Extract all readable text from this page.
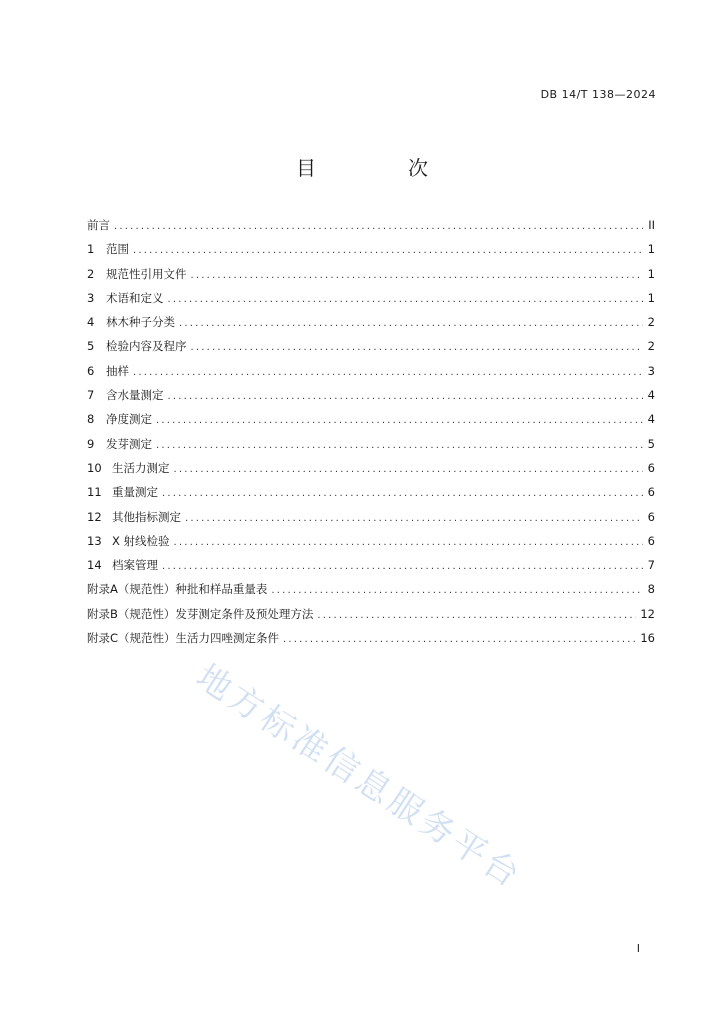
DB 14/T 138—2024
目　次
前言 .....	II
1	范围 .....	1
2	规范性引用文件 .....	1
3	术语和定义 .....	1
4	林木种子分类 .....	2
5	检验内容及程序 .....	2
6	抽样 .....	3
7	含水量测定 .....	4
8	净度测定 .....	4
9	发芽测定 .....	5
10 生活力测定 .....	6
11 重量测定 .....	6
12 其他指标测定 .....	6
13 X 射线检验 .....	6
14 档案管理 .....	7
附录A（规范性）种批和样品重量表 .....	8
附录B（规范性）发芽测定条件及预处理方法 .....	12
附录C（规范性）生活力四唑测定条件 .....	16
地方标准信息服务平台
I
